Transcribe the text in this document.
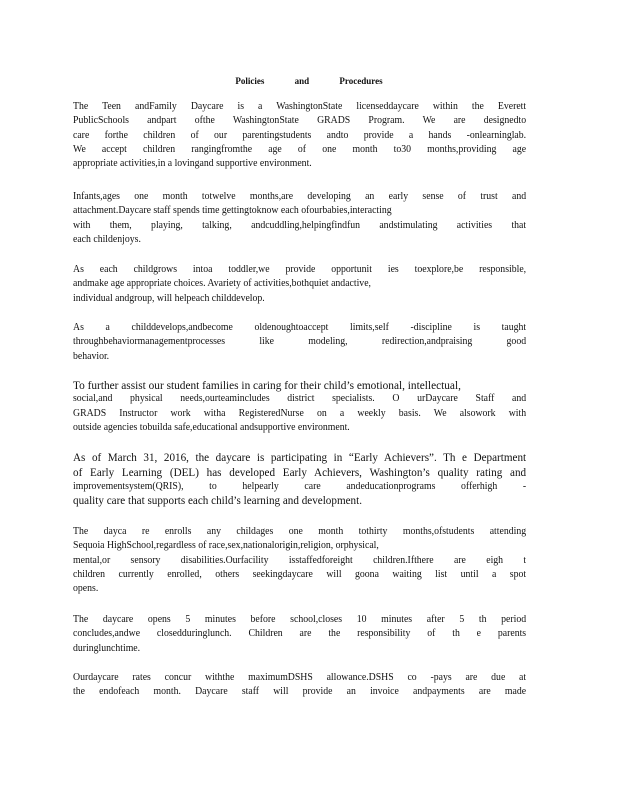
Policies	and	Procedures
The Teen andFamily Daycare is a WashingtonState licenseddaycare within the Everett
PublicSchools andpart ofthe WashingtonState GRADS Program. We are designedto
care forthe children of our parentingstudents andto provide a hands -onlearninglab.
We accept children rangingfromthe age of one month to30 months,providing age
appropriate activities,in a lovingand supportive environment.
Infants,ages one month totwelve months,are developing an early sense of trust and
attachment.Daycare staff spends time gettingtoknow each ofourbabies,interacting
with them, playing, talking, andcuddling,helpingfindfun andstimulating activities that
each childenjoys.
As each childgrows intoa toddler,we provide opportunit ies toexplore,be responsible,
andmake age appropriate choices. Avariety of activities,bothquiet andactive,
individual andgroup, will helpeach childdevelop.
As a childdevelops,andbecome oldenoughtoaccept limits,self -discipline is taught
throughbehaviormanagementprocesses like modeling, redirection,andpraising good
behavior.
To further assist our student families in caring for their child’s emotional, intellectual,
social,and physical needs,ourteamincludes district specialists. O urDaycare Staff and
GRADS Instructor work witha RegisteredNurse on a weekly basis. We alsowork with
outside agencies tobuilda safe,educational andsupportive environment.
As of March 31, 2016, the daycare is participating in “Early Achievers”. Th e Department
of Early Learning (DEL) has developed Early Achievers, Washington’s quality rating and
improvementsystem(QRIS), to helpearly care andeducationprograms offerhigh -
quality care that supports each child’s learning and development.
The dayca re enrolls any childages one month tothirty months,ofstudents attending
Sequoia HighSchool,regardless of race,sex,nationalorigin,religion, orphysical,
mental,or sensory disabilities.Ourfacility isstaffedforeight children.Ifthere are eigh t
children currently enrolled, others seekingdaycare will goona waiting list until a spot
opens.
The daycare opens 5 minutes before school,closes 10 minutes after 5 th period
concludes,andwe closedduringlunch. Children are the responsibility of th e parents
duringlunchtime.
Ourdaycare rates concur withthe maximumDSHS allowance.DSHS co -pays are due at
the endofeach month. Daycare staff will provide an invoice andpayments are made
